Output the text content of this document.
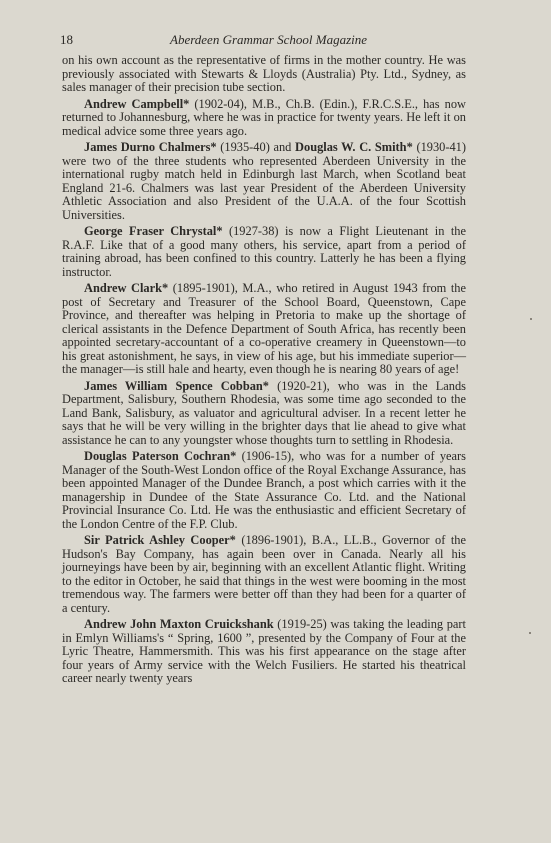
18	Aberdeen Grammar School Magazine

on his own account as the representative of firms in the mother country. He was previously associated with Stewarts & Lloyds (Australia) Pty. Ltd., Sydney, as sales manager of their precision tube section.

Andrew Campbell* (1902-04), M.B., Ch.B. (Edin.), F.R.C.S.E., has now returned to Johannesburg, where he was in practice for twenty years. He left it on medical advice some three years ago.

James Durno Chalmers* (1935-40) and Douglas W. C. Smith* (1930-41) were two of the three students who represented Aberdeen University in the international rugby match held in Edinburgh last March, when Scotland beat England 21-6. Chalmers was last year President of the Aberdeen University Athletic Association and also President of the U.A.A. of the four Scottish Universities.

George Fraser Chrystal* (1927-38) is now a Flight Lieutenant in the R.A.F. Like that of a good many others, his service, apart from a period of training abroad, has been confined to this country. Latterly he has been a flying instructor.

Andrew Clark* (1895-1901), M.A., who retired in August 1943 from the post of Secretary and Treasurer of the School Board, Queenstown, Cape Province, and thereafter was helping in Pretoria to make up the shortage of clerical assistants in the Defence Department of South Africa, has recently been appointed secretary-accountant of a co-operative creamery in Queenstown—to his great astonishment, he says, in view of his age, but his immediate superior—the manager—is still hale and hearty, even though he is nearing 80 years of age!

James William Spence Cobban* (1920-21), who was in the Lands Department, Salisbury, Southern Rhodesia, was some time ago seconded to the Land Bank, Salisbury, as valuator and agricultural adviser. In a recent letter he says that he will be very willing in the brighter days that lie ahead to give what assistance he can to any youngster whose thoughts turn to settling in Rhodesia.

Douglas Paterson Cochran* (1906-15), who was for a number of years Manager of the South-West London office of the Royal Exchange Assurance, has been appointed Manager of the Dundee Branch, a post which carries with it the managership in Dundee of the State Assurance Co. Ltd. and the National Provincial Insurance Co. Ltd. He was the enthusiastic and efficient Secretary of the London Centre of the F.P. Club.

Sir Patrick Ashley Cooper* (1896-1901), B.A., LL.B., Governor of the Hudson's Bay Company, has again been over in Canada. Nearly all his journeyings have been by air, beginning with an excellent Atlantic flight. Writing to the editor in October, he said that things in the west were booming in the most tremendous way. The farmers were better off than they had been for a quarter of a century.

Andrew John Maxton Cruickshank (1919-25) was taking the leading part in Emlyn Williams's “ Spring, 1600 ”, presented by the Company of Four at the Lyric Theatre, Hammersmith. This was his first appearance on the stage after four years of Army service with the Welch Fusiliers. He started his theatrical career nearly twenty years
